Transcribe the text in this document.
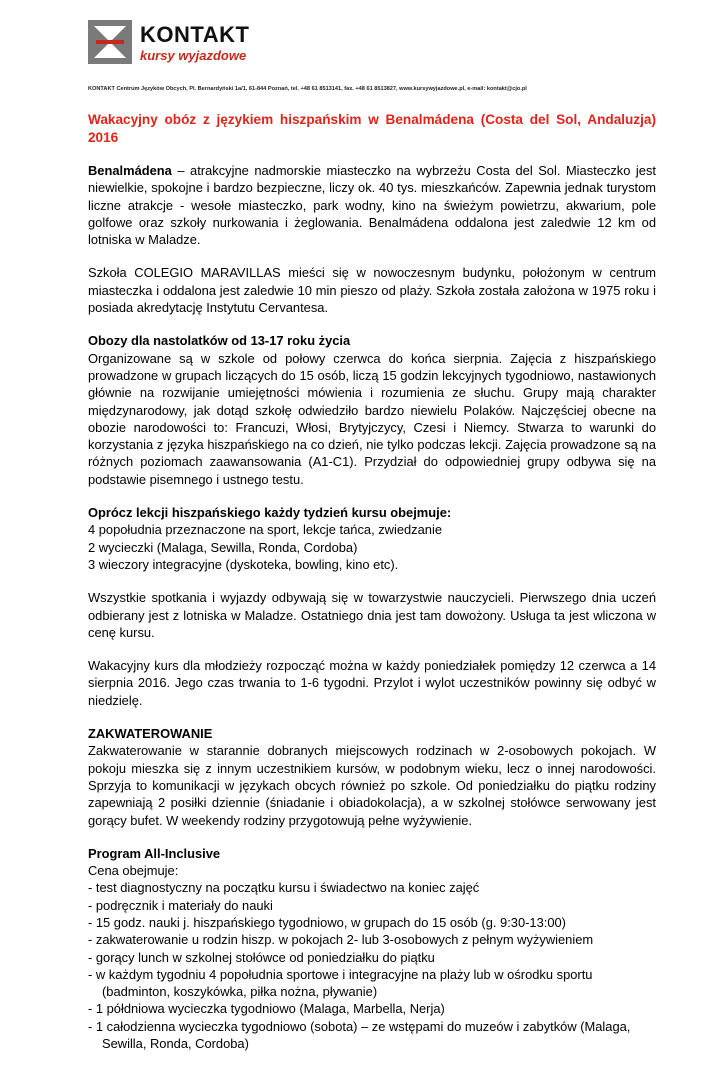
KONTAKT
kursy wyjazdowe
KONTAKT Centrum Języków Obcych, Pl. Bernardyński 1a/1, 61-844 Poznań, tel. +48 61 8513141, fax. +48 61 8513827, www.kursywyjazdowe.pl, e-mail: kontakt@cjo.pl
Wakacyjny obóz z językiem hiszpańskim w Benalmádena (Costa del Sol, Andaluzja) 2016
Benalmádena – atrakcyjne nadmorskie miasteczko na wybrzeżu Costa del Sol. Miasteczko jest niewielkie, spokojne i bardzo bezpieczne, liczy ok. 40 tys. mieszkańców. Zapewnia jednak turystom liczne atrakcje - wesołe miasteczko, park wodny, kino na świeżym powietrzu, akwarium, pole golfowe oraz szkoły nurkowania i żeglowania. Benalmádena oddalona jest zaledwie 12 km od lotniska w Maladze.
Szkoła COLEGIO MARAVILLAS mieści się w nowoczesnym budynku, położonym w centrum miasteczka i oddalona jest zaledwie 10 min pieszo od plaży. Szkoła została założona w 1975 roku i posiada akredytację Instytutu Cervantesa.
Obozy dla nastolatków od 13-17 roku życia
Organizowane są w szkole od połowy czerwca do końca sierpnia. Zajęcia z hiszpańskiego prowadzone w grupach liczących do 15 osób, liczą 15 godzin lekcyjnych tygodniowo, nastawionych głównie na rozwijanie umiejętności mówienia i rozumienia ze słuchu. Grupy mają charakter międzynarodowy, jak dotąd szkołę odwiedziło bardzo niewielu Polaków. Najczęściej obecne na obozie narodowości to: Francuzi, Włosi, Brytyjczycy, Czesi i Niemcy. Stwarza to warunki do korzystania z języka hiszpańskiego na co dzień, nie tylko podczas lekcji. Zajęcia prowadzone są na różnych poziomach zaawansowania (A1-C1). Przydział do odpowiedniej grupy odbywa się na podstawie pisemnego i ustnego testu.
Oprócz lekcji hiszpańskiego każdy tydzień kursu obejmuje:
4 popołudnia przeznaczone na sport, lekcje tańca, zwiedzanie
2 wycieczki (Malaga, Sewilla, Ronda, Cordoba)
3 wieczory integracyjne (dyskoteka, bowling, kino etc).
Wszystkie spotkania i wyjazdy odbywają się w towarzystwie nauczycieli. Pierwszego dnia uczeń odbierany jest z lotniska w Maladze. Ostatniego dnia jest tam dowożony. Usługa ta jest wliczona w cenę kursu.
Wakacyjny kurs dla młodzieży rozpocząć można w każdy poniedziałek pomiędzy 12 czerwca a 14 sierpnia 2016. Jego czas trwania to 1-6 tygodni. Przylot i wylot uczestników powinny się odbyć w niedzielę.
ZAKWATEROWANIE
Zakwaterowanie w starannie dobranych miejscowych rodzinach w 2-osobowych pokojach. W pokoju mieszka się z innym uczestnikiem kursów, w podobnym wieku, lecz o innej narodowości. Sprzyja to komunikacji w językach obcych również po szkole. Od poniedziałku do piątku rodziny zapewniają 2 posiłki dziennie (śniadanie i obiadokolacja), a w szkolnej stołówce serwowany jest gorący bufet. W weekendy rodziny przygotowują pełne wyżywienie.
Program All-Inclusive
Cena obejmuje:
- test diagnostyczny na początku kursu i świadectwo na koniec zajęć
- podręcznik i materiały do nauki
- 15 godz. nauki j. hiszpańskiego tygodniowo, w grupach do 15 osób (g. 9:30-13:00)
- zakwaterowanie u rodzin hiszp. w pokojach 2- lub 3-osobowych z pełnym wyżywieniem
- gorący lunch w szkolnej stołówce od poniedziałku do piątku
- w każdym tygodniu 4 popołudnia sportowe i integracyjne na plaży lub w ośrodku sportu
(badminton, koszykówka, piłka nożna, pływanie)
- 1 półdniowa wycieczka tygodniowo (Malaga, Marbella, Nerja)
- 1 całodzienna wycieczka tygodniowo (sobota) – ze wstępami do muzeów i zabytków (Malaga,
Sewilla, Ronda, Cordoba)
